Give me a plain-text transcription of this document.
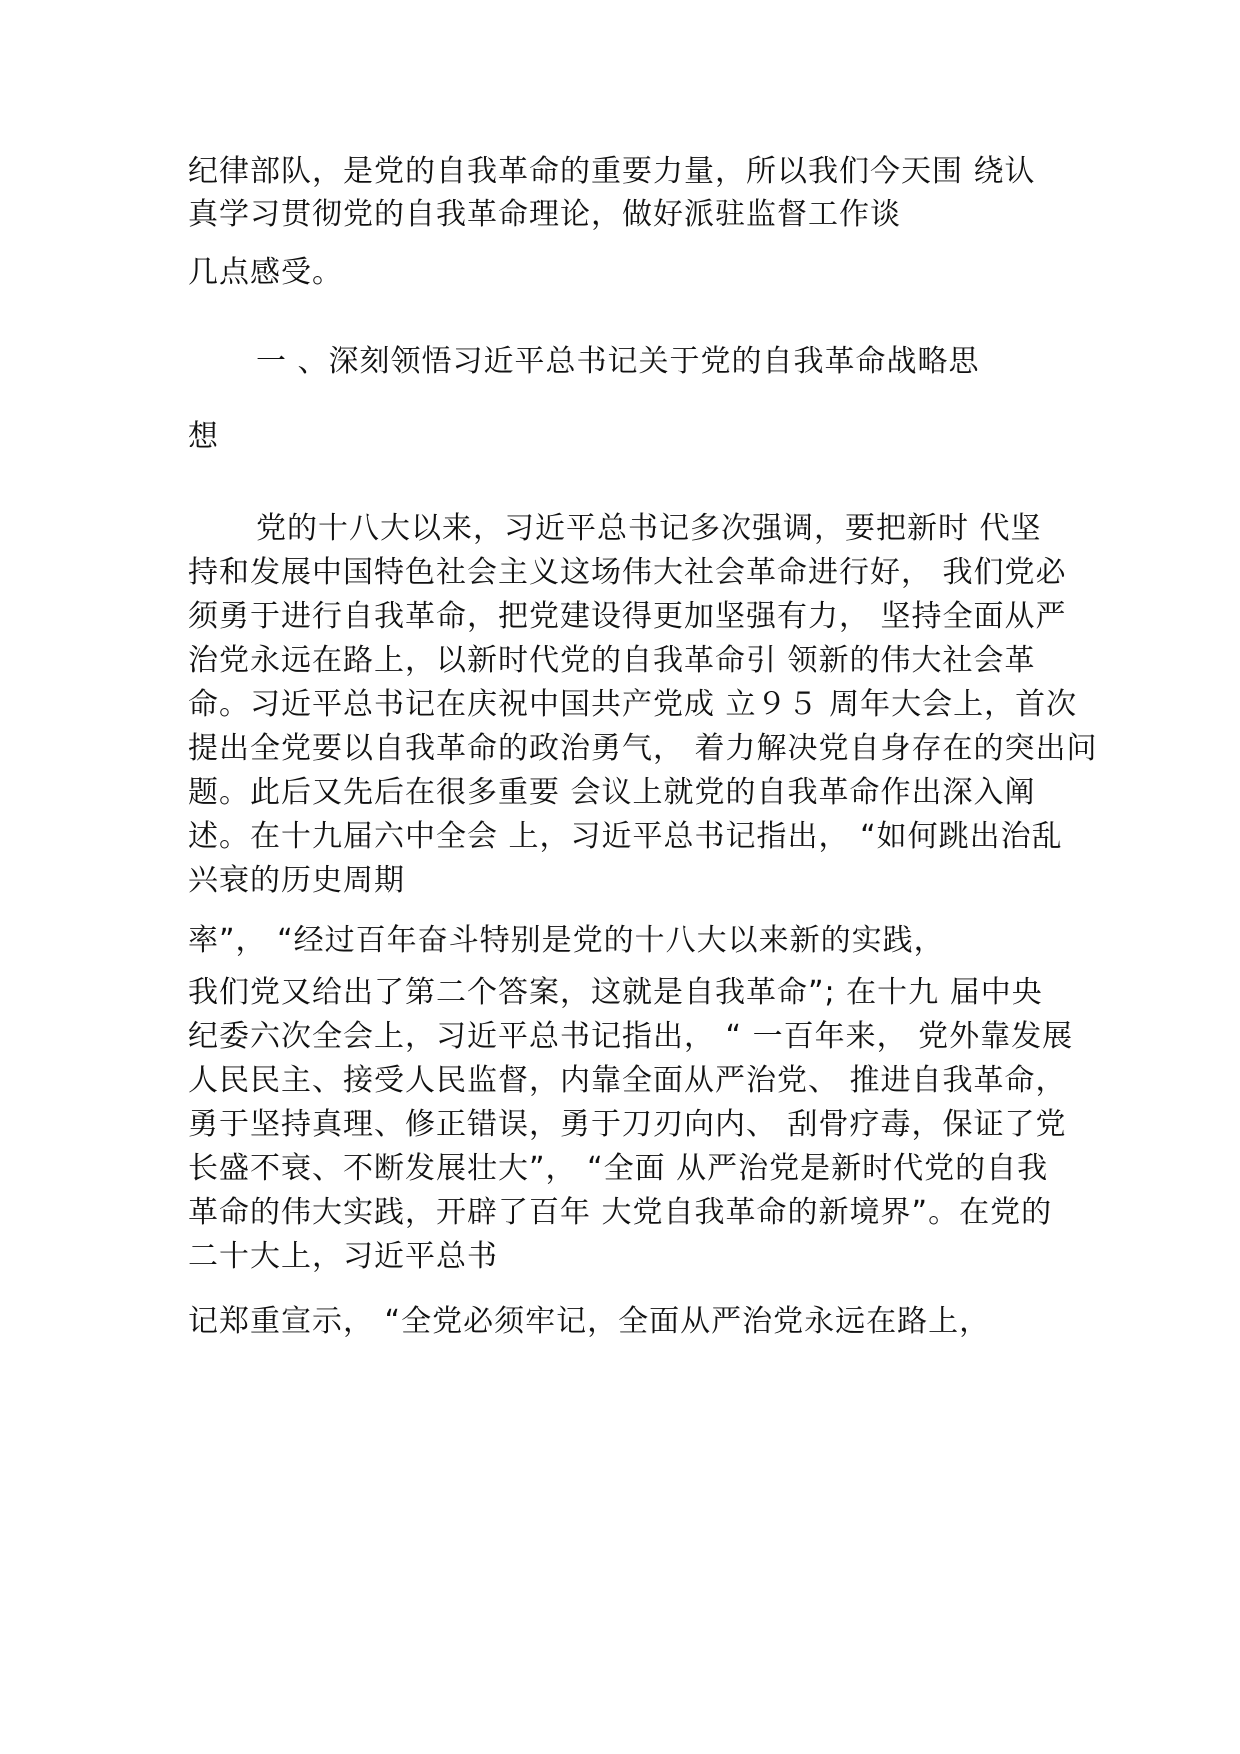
纪律部队，是党的自我革命的重要力量，所以我们今天围 绕认
真学习贯彻党的自我革命理论，做好派驻监督工作谈
几点感受。
一 、深刻领悟习近平总书记关于党的自我革命战略思
想
党的十八大以来，习近平总书记多次强调，要把新时 代坚
持和发展中国特色社会主义这场伟大社会革命进行好， 我们党必
须勇于进行自我革命，把党建设得更加坚强有力， 坚持全面从严
治党永远在路上，以新时代党的自我革命引 领新的伟大社会革
命。习近平总书记在庆祝中国共产党成 立９５ 周年大会上，首次
提出全党要以自我革命的政治勇气， 着力解决党自身存在的突出问
题。此后又先后在很多重要 会议上就党的自我革命作出深入阐
述。在十九届六中全会 上，习近平总书记指出， “如何跳出治乱
兴衰的历史周期
率”， “经过百年奋斗特别是党的十八大以来新的实践，
我们党又给出了第二个答案，这就是自我革命”; 在十九 届中央
纪委六次全会上，习近平总书记指出， “ 一百年来， 党外靠发展
人民民主、接受人民监督，内靠全面从严治党、 推进自我革命，
勇于坚持真理、修正错误，勇于刀刃向内、 刮骨疗毒，保证了党
长盛不衰、不断发展壮大”， “全面 从严治党是新时代党的自我
革命的伟大实践，开辟了百年 大党自我革命的新境界”。在党的
二十大上，习近平总书
记郑重宣示， “全党必须牢记，全面从严治党永远在路上，
